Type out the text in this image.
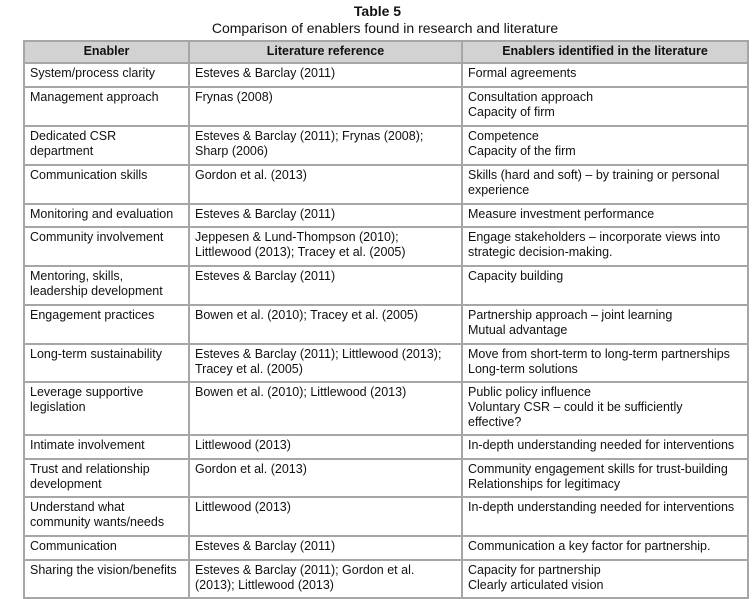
Table 5
Comparison of enablers found in research and literature
Enabler	Literature reference	Enablers identified in the literature

System/process clarity	Esteves & Barclay (2011)	Formal agreements

Management approach	Frynas (2008)	Consultation approach
Capacity of firm

Dedicated CSR
department	Esteves & Barclay (2011); Frynas (2008);
Sharp (2006)	Competence
Capacity of the firm

Communication skills	Gordon et al. (2013)	Skills (hard and soft) – by training or personal
experience

Monitoring and evaluation	Esteves & Barclay (2011)	Measure investment performance

Community involvement	Jeppesen & Lund-Thompson (2010);
Littlewood (2013); Tracey et al. (2005)	Engage stakeholders – incorporate views into
strategic decision-making.

Mentoring, skills,
leadership development	Esteves & Barclay (2011)	Capacity building

Engagement practices	Bowen et al. (2010); Tracey et al. (2005)	Partnership approach – joint learning
Mutual advantage

Long-term sustainability	Esteves & Barclay (2011); Littlewood (2013);
Tracey et al. (2005)	Move from short-term to long-term partnerships
Long-term solutions

Leverage supportive
legislation	Bowen et al. (2010); Littlewood (2013)	Public policy influence
Voluntary CSR – could it be sufficiently
effective?

Intimate involvement	Littlewood (2013)	In-depth understanding needed for interventions

Trust and relationship
development	Gordon et al. (2013)	Community engagement skills for trust-building
Relationships for legitimacy

Understand what
community wants/needs	Littlewood (2013)	In-depth understanding needed for interventions

Communication	Esteves & Barclay (2011)	Communication a key factor for partnership.

Sharing the vision/benefits	Esteves & Barclay (2011); Gordon et al.
(2013); Littlewood (2013)	Capacity for partnership
Clearly articulated vision
